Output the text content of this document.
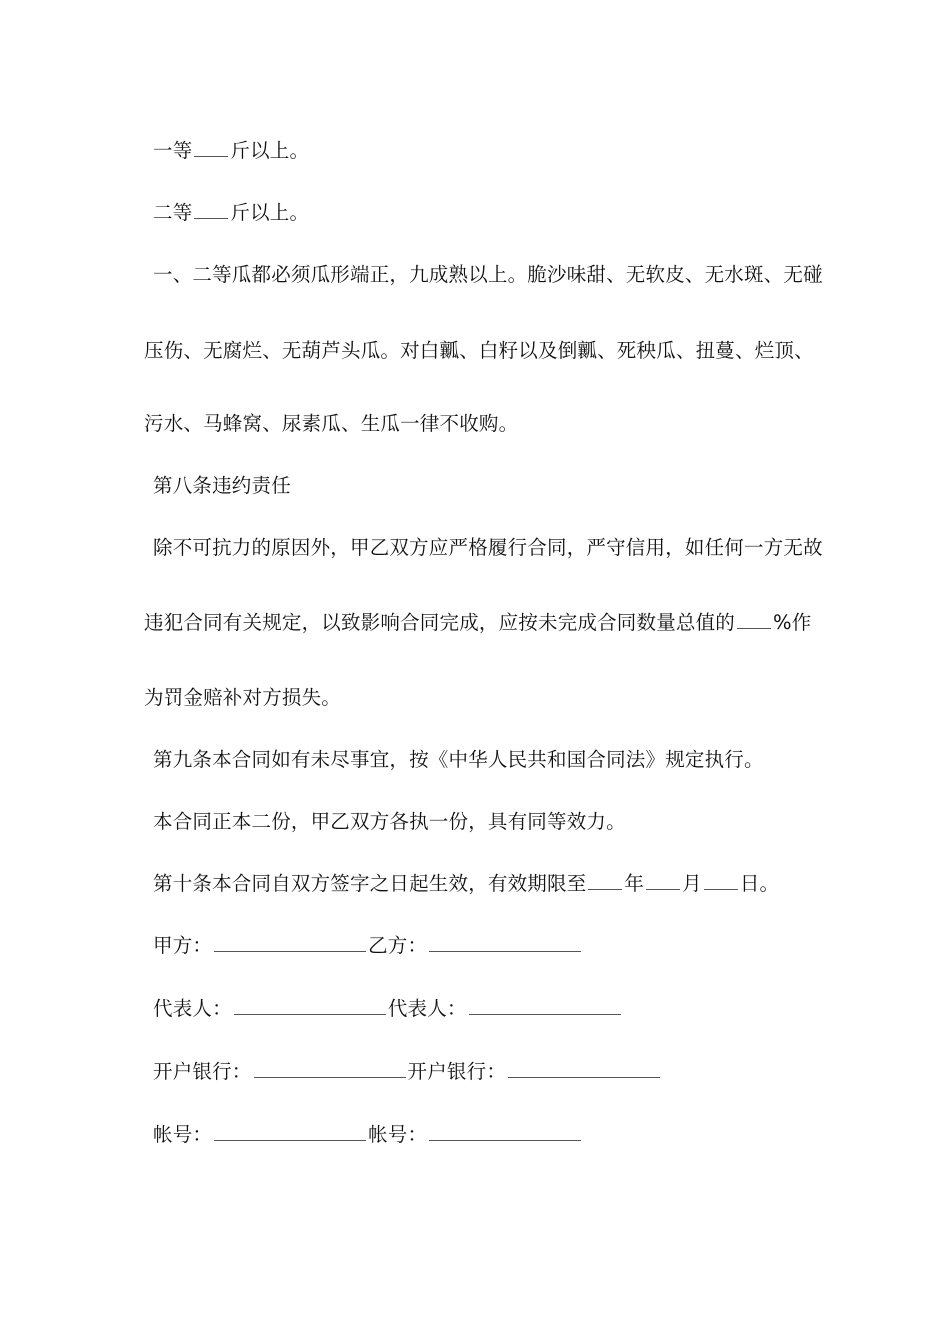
一等 斤以上。
二等 斤以上。
一、二等瓜都必须瓜形端正，九成熟以上。脆沙味甜、无软皮、无水斑、无碰
压伤、无腐烂、无葫芦头瓜。对白瓤、白籽以及倒瓤、死秧瓜、扭蔓、烂顶、
污水、马蜂窝、尿素瓜、生瓜一律不收购。
第八条违约责任
除不可抗力的原因外，甲乙双方应严格履行合同，严守信用，如任何一方无故
违犯合同有关规定，以致影响合同完成，应按未完成合同数量总值的 %作
为罚金赔补对方损失。
第九条本合同如有未尽事宜，按《中华人民共和国合同法》规定执行。
本合同正本二份，甲乙双方各执一份，具有同等效力。
第十条本合同自双方签字之日起生效，有效期限至 年 月 日。
甲方：	乙方：
代表人：	代表人：
开户银行：	开户银行：
帐号：	帐号：
